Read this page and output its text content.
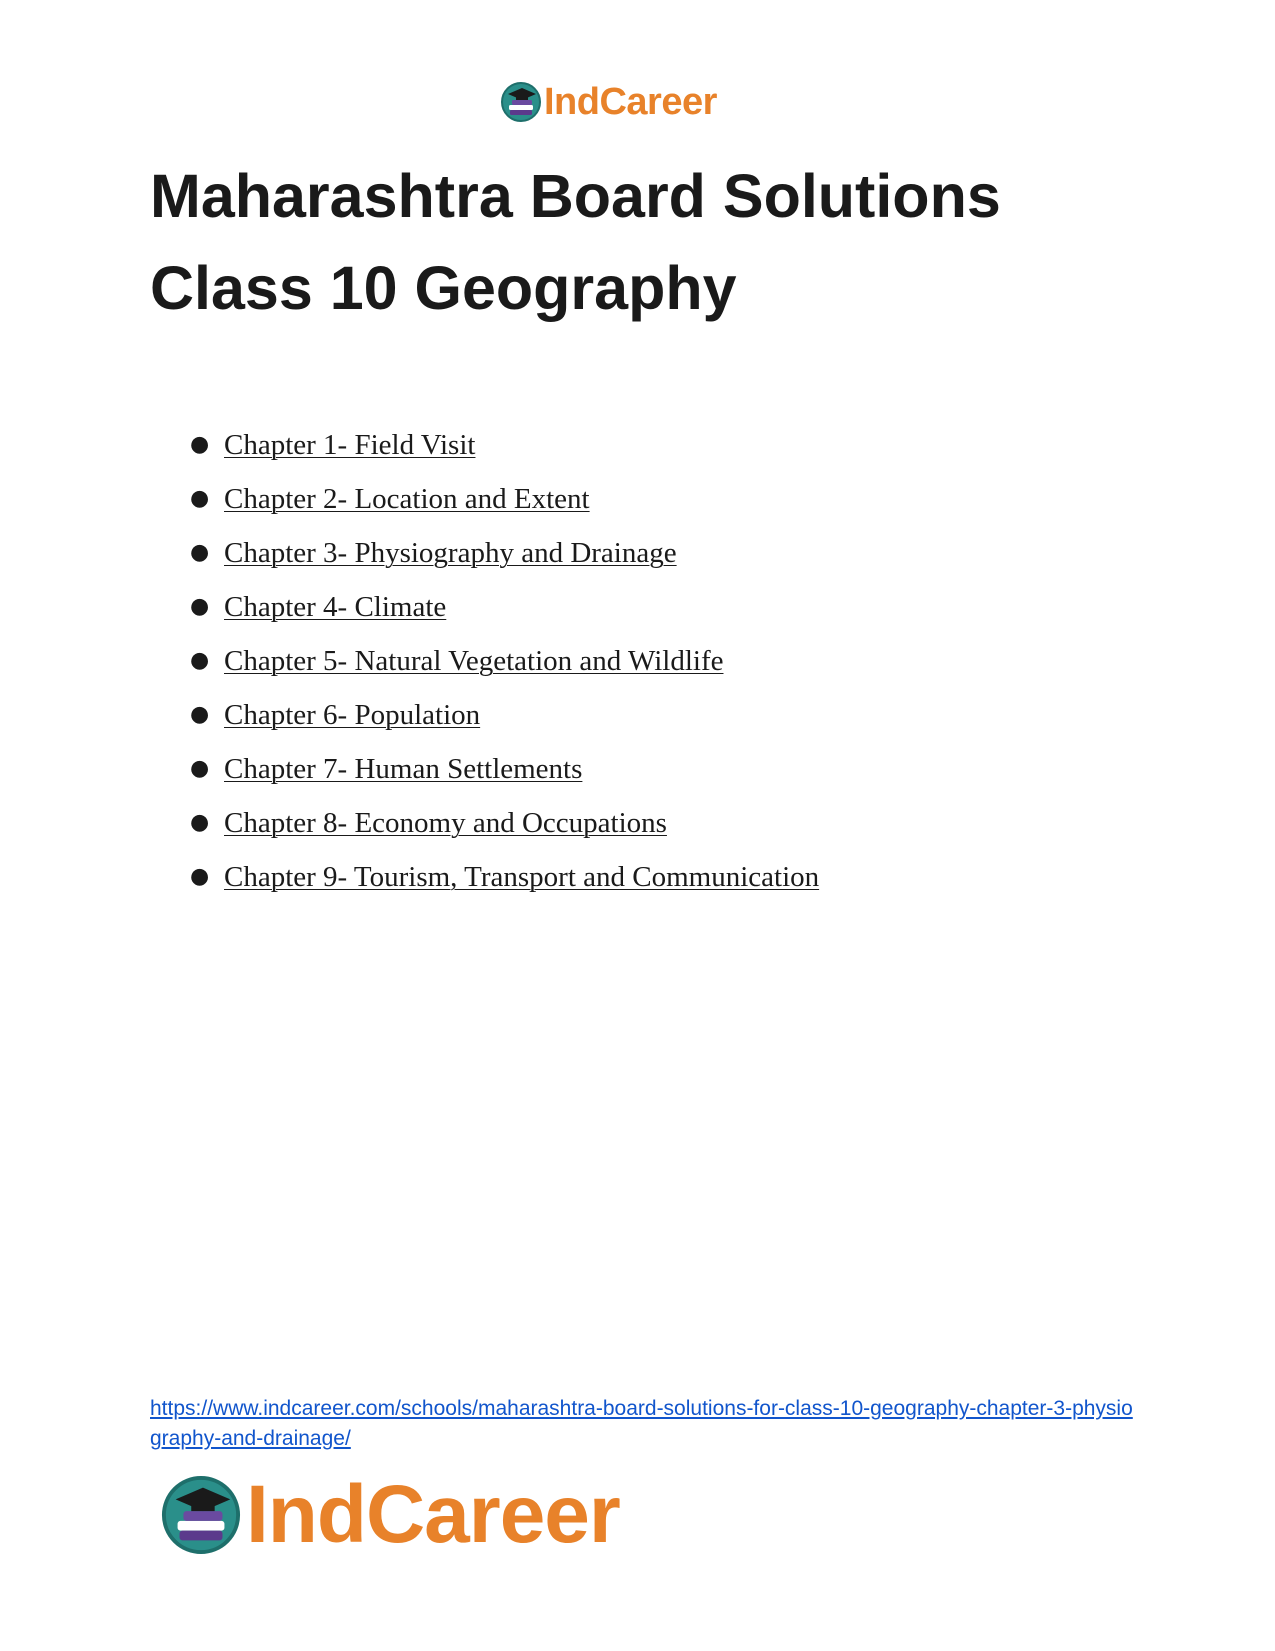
IndCareer
Maharashtra Board Solutions
Class 10 Geography
● Chapter 1- Field Visit
● Chapter 2- Location and Extent
● Chapter 3- Physiography and Drainage
● Chapter 4- Climate
● Chapter 5- Natural Vegetation and Wildlife
● Chapter 6- Population
● Chapter 7- Human Settlements
● Chapter 8- Economy and Occupations
● Chapter 9- Tourism, Transport and Communication
https://www.indcareer.com/schools/maharashtra-board-solutions-for-class-10-geography-chapter-3-physiography-and-drainage/
IndCareer
